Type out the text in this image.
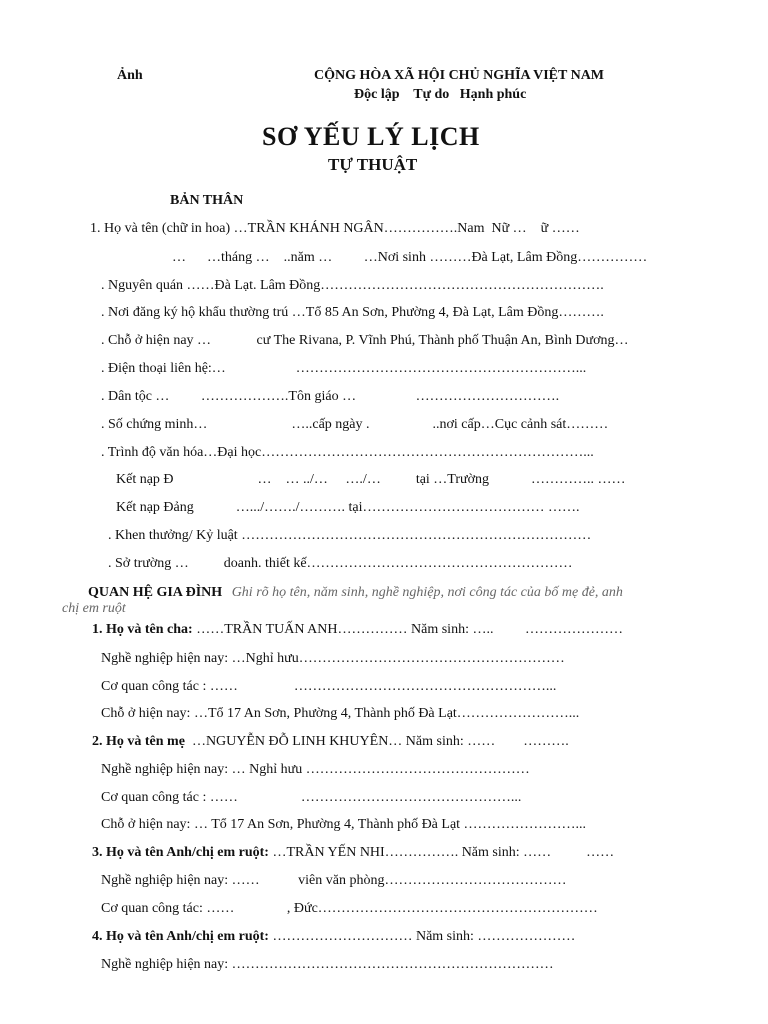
Ảnh	CỘNG HÒA XÃ HỘI CHỦ NGHĨA VIỆT NAM
Độc lập    Tự do   Hạnh phúc
SƠ YẾU LÝ LỊCH
TỰ THUẬT
BẢN THÂN
1. Họ và tên (chữ in hoa) …TRẦN KHÁNH NGÂN…………….Nam  Nữ …    ữ ……
…      …tháng …    ..năm …         …Nơi sinh ………Đà Lạt, Lâm Đồng……………
. Nguyên quán ……Đà Lạt. Lâm Đồng…………………………………………………….
. Nơi đăng ký hộ khẩu thường trú …Tổ 85 An Sơn, Phường 4, Đà Lạt, Lâm Đồng……….
. Chỗ ở hiện nay …             cư The Rivana, P. Vĩnh Phú, Thành phố Thuận An, Bình Dương…
. Điện thoại liên hệ:…                    ……………………………………………………...
. Dân tộc …         ……………….Tôn giáo …                 ………………………….
. Số chứng minh…                        …..cấp ngày .                  ..nơi cấp…Cục cảnh sát………
. Trình độ văn hóa…Đại học……………………………………………………………...
Kết nạp Đ                        …    … ../…     …./…          tại …Trường            ………….. ……
Kết nạp Đảng            ….../……./………. tại………………………………… …….
. Khen thưởng/ Kỷ luật …………………………………………………………………
. Sở trường …          doanh. thiết kế…………………………………………………
QUAN HỆ GIA ĐÌNH Ghi rõ họ tên, năm sinh, nghề nghiệp, nơi công tác của bố mẹ đẻ, anh
chị em ruột
1. Họ và tên cha: ……TRẦN TUẤN ANH…………… Năm sinh: …..         …………………
Nghề nghiệp hiện nay: …Nghỉ hưu…………………………………………………
Cơ quan công tác : ……                ………………………………………………...
Chỗ ở hiện nay: …Tổ 17 An Sơn, Phường 4, Thành phố Đà Lạt……………………...
2. Họ và tên mẹ  …NGUYỄN ĐỖ LINH KHUYÊN… Năm sinh: ……        ……….
Nghề nghiệp hiện nay: … Nghỉ hưu …………………………………………
Cơ quan công tác : ……                  ………………………………………...
Chỗ ở hiện nay: … Tổ 17 An Sơn, Phường 4, Thành phố Đà Lạt ……………………...
3. Họ và tên Anh/chị em ruột: …TRẦN YẾN NHI……………. Năm sinh: ……          ……
Nghề nghiệp hiện nay: ……           viên văn phòng…………………………………
Cơ quan công tác: ……               , Đức……………………………………………………
4. Họ và tên Anh/chị em ruột: ………………………… Năm sinh: …………………
Nghề nghiệp hiện nay: ……………………………………………………………
